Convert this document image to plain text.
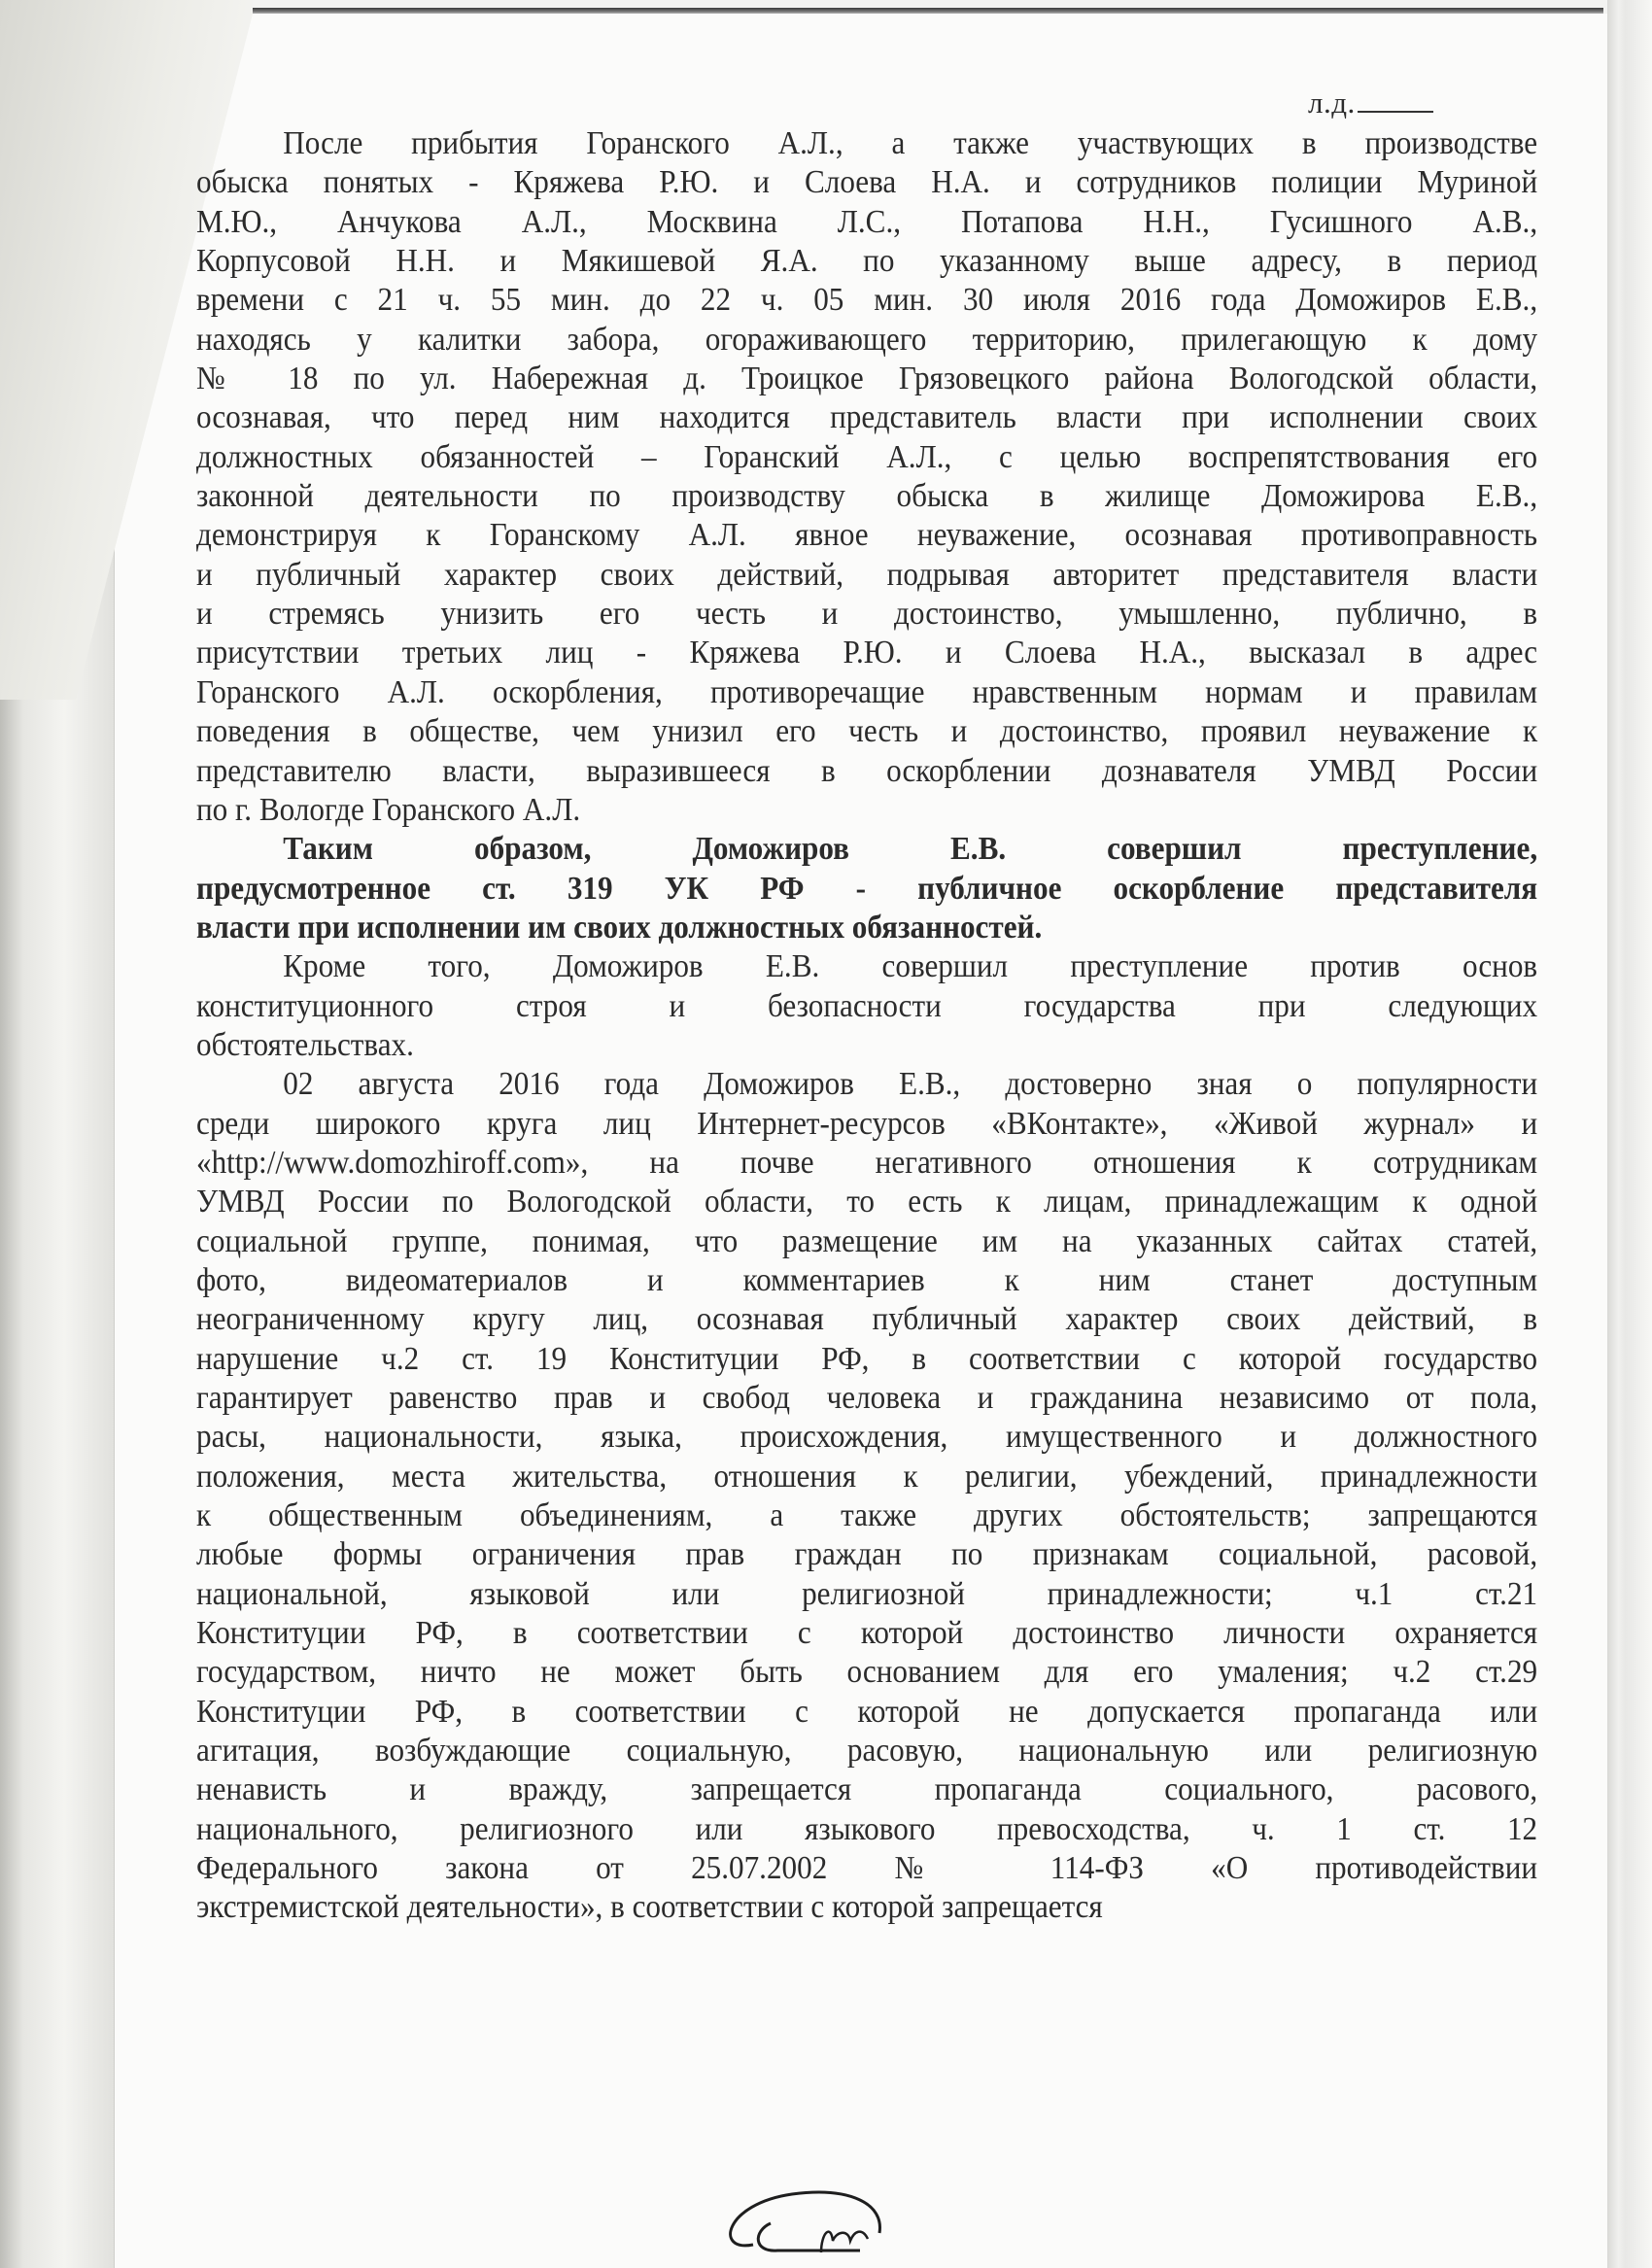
л.д.
После прибытия Горанского А.Л., а также участвующих в производстве
обыска понятых - Кряжева Р.Ю. и Слоева Н.А. и сотрудников полиции Муриной
М.Ю., Анчукова А.Л., Москвина Л.С., Потапова Н.Н., Гусишного А.В.,
Корпусовой Н.Н. и Мякишевой Я.А. по указанному выше адресу, в период
времени с 21 ч. 55 мин. до 22 ч. 05 мин. 30 июля 2016 года Доможиров Е.В.,
находясь у калитки забора, огораживающего территорию, прилегающую к дому
№ 18 по ул. Набережная д. Троицкое Грязовецкого района Вологодской области,
осознавая, что перед ним находится представитель власти при исполнении своих
должностных обязанностей – Горанский А.Л., с целью воспрепятствования его
законной деятельности по производству обыска в жилище Доможирова Е.В.,
демонстрируя к Горанскому А.Л. явное неуважение, осознавая противоправность
и публичный характер своих действий, подрывая авторитет представителя власти
и стремясь унизить его честь и достоинство, умышленно, публично, в
присутствии третьих лиц - Кряжева Р.Ю. и Слоева Н.А., высказал в адрес
Горанского А.Л. оскорбления, противоречащие нравственным нормам и правилам
поведения в обществе, чем унизил его честь и достоинство, проявил неуважение к
представителю власти, выразившееся в оскорблении дознавателя УМВД России
по г. Вологде Горанского А.Л.
Таким образом, Доможиров Е.В. совершил преступление,
предусмотренное ст. 319 УК РФ - публичное оскорбление представителя
власти при исполнении им своих должностных обязанностей.
Кроме того, Доможиров Е.В. совершил преступление против основ
конституционного строя и безопасности государства при следующих
обстоятельствах.
02 августа 2016 года Доможиров Е.В., достоверно зная о популярности
среди широкого круга лиц Интернет-ресурсов «ВКонтакте», «Живой журнал» и
«http://www.domozhiroff.com», на почве негативного отношения к сотрудникам
УМВД России по Вологодской области, то есть к лицам, принадлежащим к одной
социальной группе, понимая, что размещение им на указанных сайтах статей,
фото, видеоматериалов и комментариев к ним станет доступным
неограниченному кругу лиц, осознавая публичный характер своих действий, в
нарушение ч.2 ст. 19 Конституции РФ, в соответствии с которой государство
гарантирует равенство прав и свобод человека и гражданина независимо от пола,
расы, национальности, языка, происхождения, имущественного и должностного
положения, места жительства, отношения к религии, убеждений, принадлежности
к общественным объединениям, а также других обстоятельств; запрещаются
любые формы ограничения прав граждан по признакам социальной, расовой,
национальной, языковой или религиозной принадлежности; ч.1 ст.21
Конституции РФ, в соответствии с которой достоинство личности охраняется
государством, ничто не может быть основанием для его умаления; ч.2 ст.29
Конституции РФ, в соответствии с которой не допускается пропаганда или
агитация, возбуждающие социальную, расовую, национальную или религиозную
ненависть и вражду, запрещается пропаганда социального, расового,
национального, религиозного или языкового превосходства, ч. 1 ст. 12
Федерального закона от 25.07.2002 № 114-ФЗ «О противодействии
экстремистской деятельности», в соответствии с которой запрещается
